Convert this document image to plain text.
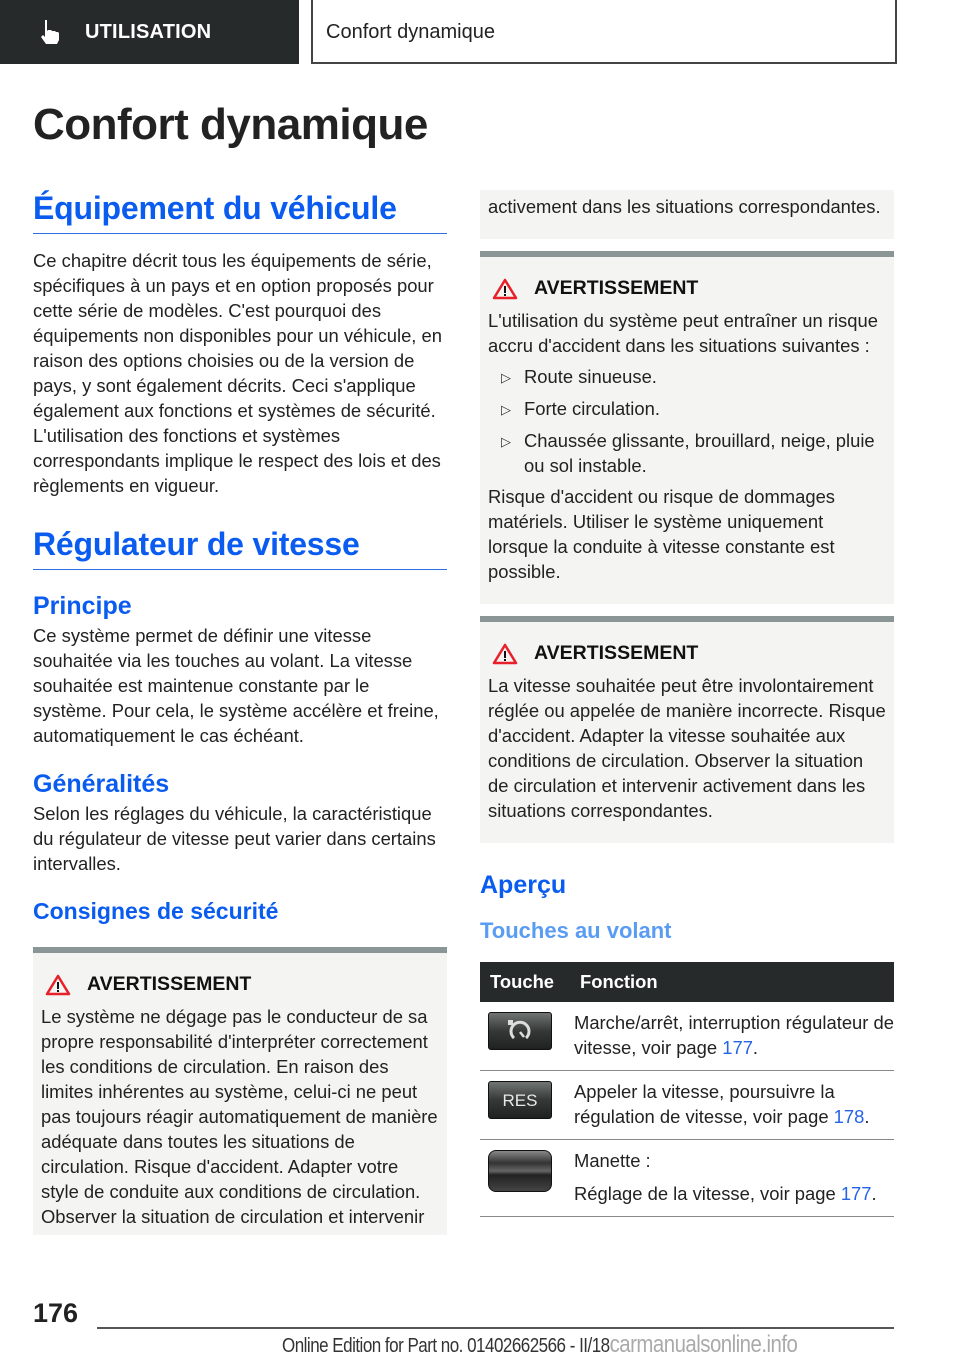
UTILISATION	Confort dynamique
Confort dynamique
Équipement du véhicule

Ce chapitre décrit tous les équipements de série, spécifiques à un pays et en option proposés pour cette série de modèles. C'est pourquoi des équipements non disponibles pour un véhicule, en raison des options choisies ou de la version de pays, y sont également décrits. Ceci s'applique également aux fonctions et systèmes de sécurité. L'utilisation des fonctions et systèmes correspondants implique le respect des lois et des règlements en vigueur.

Régulateur de vitesse
Principe

Ce système permet de définir une vitesse souhaitée via les touches au volant. La vitesse souhaitée est maintenue constante par le système. Pour cela, le système accélère et freine, automatiquement le cas échéant.

Généralités

Selon les réglages du véhicule, la caractéristique du régulateur de vitesse peut varier dans certains intervalles.

Consignes de sécurité
AVERTISSEMENT

Le système ne dégage pas le conducteur de sa propre responsabilité d'interpréter correctement les conditions de circulation. En raison des limites inhérentes au système, celui-ci ne peut pas toujours réagir automatiquement de manière adéquate dans toutes les situations de circulation. Risque d'accident. Adapter votre style de conduite aux conditions de circulation. Observer la situation de circulation et intervenir

activement dans les situations correspondantes.

AVERTISSEMENT

L'utilisation du système peut entraîner un risque accru d'accident dans les situations suivantes :

▷ Route sinueuse.
▷ Forte circulation.
▷ Chaussée glissante, brouillard, neige, pluie ou sol instable.

Risque d'accident ou risque de dommages matériels. Utiliser le système uniquement lorsque la conduite à vitesse constante est possible.

AVERTISSEMENT

La vitesse souhaitée peut être involontairement réglée ou appelée de manière incorrecte. Risque d'accident. Adapter la vitesse souhaitée aux conditions de circulation. Observer la situation de circulation et intervenir activement dans les situations correspondantes.

Aperçu
Touches au volant
Touche	Fonction

	Marche/arrêt, interruption régulateur de vitesse, voir page 177.

RES	Appeler la vitesse, poursuivre la régulation de vitesse, voir page 178.

	Manette :
Réglage de la vitesse, voir page 177.
176
Online Edition for Part no. 01402662566 - II/18carmanualsonline.info
